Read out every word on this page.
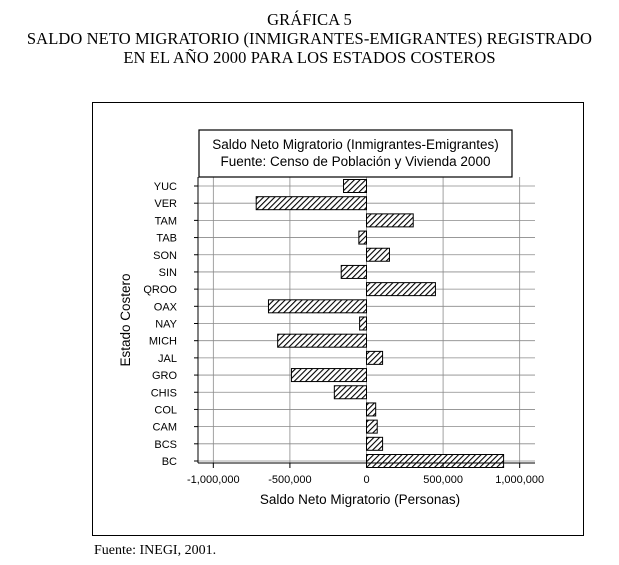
GRÁFICA 5
SALDO NETO MIGRATORIO (INMIGRANTES-EMIGRANTES) REGISTRADO
EN EL AÑO 2000 PARA LOS ESTADOS COSTEROS
Saldo Neto Migratorio (Inmigrantes-Emigrantes)
Fuente: Censo de Población y Vivienda 2000
YUC
VER
TAM
TAB
SON
SIN
QROO
OAX
NAY
MICH
JAL
GRO
CHIS
COL
CAM
BCS
BC
-1,000,000	-500,000	0	500,000	1,000,000
Saldo Neto Migratorio (Personas)
Estado Costero
Fuente: INEGI, 2001.
